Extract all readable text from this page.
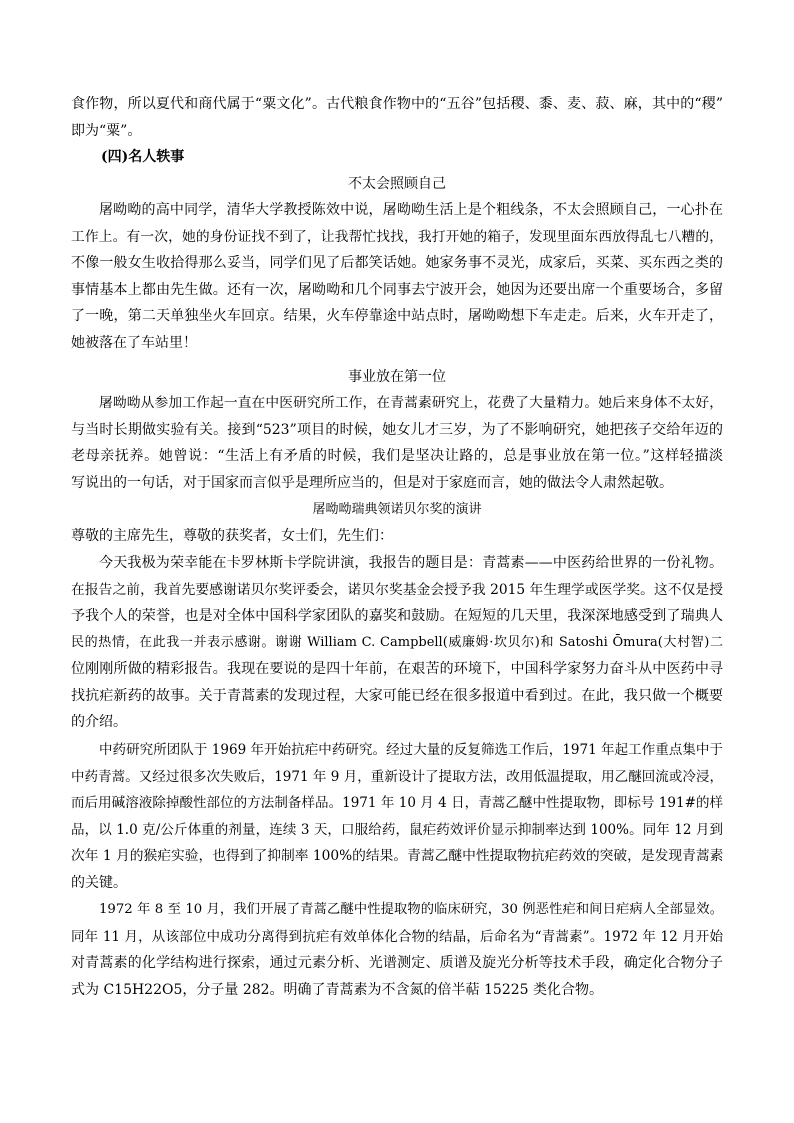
食作物，所以夏代和商代属于“粟文化”。古代粮食作物中的“五谷”包括稷、黍、麦、菽、麻，其中的“稷”
即为“粟”。
(四)名人轶事
不太会照顾自己
屠呦呦的高中同学，清华大学教授陈效中说，屠呦呦生活上是个粗线条，不太会照顾自己，一心扑在
工作上。有一次，她的身份证找不到了，让我帮忙找找，我打开她的箱子，发现里面东西放得乱七八糟的，
不像一般女生收拾得那么妥当，同学们见了后都笑话她。她家务事不灵光，成家后，买菜、买东西之类的
事情基本上都由先生做。还有一次，屠呦呦和几个同事去宁波开会，她因为还要出席一个重要场合，多留
了一晚，第二天单独坐火车回京。结果，火车停靠途中站点时，屠呦呦想下车走走。后来，火车开走了，
她被落在了车站里！
事业放在第一位
屠呦呦从参加工作起一直在中医研究所工作，在青蒿素研究上，花费了大量精力。她后来身体不太好，
与当时长期做实验有关。接到“523”项目的时候，她女儿才三岁，为了不影响研究，她把孩子交给年迈的
老母亲抚养。她曾说：“生活上有矛盾的时候，我们是坚决让路的，总是事业放在第一位。”这样轻描淡
写说出的一句话，对于国家而言似乎是理所应当的，但是对于家庭而言，她的做法令人肃然起敬。
屠呦呦瑞典领诺贝尔奖的演讲
尊敬的主席先生，尊敬的获奖者，女士们，先生们：
今天我极为荣幸能在卡罗林斯卡学院讲演，我报告的题目是：青蒿素——中医药给世界的一份礼物。
在报告之前，我首先要感谢诺贝尔奖评委会，诺贝尔奖基金会授予我 2015 年生理学或医学奖。这不仅是授
予我个人的荣誉，也是对全体中国科学家团队的嘉奖和鼓励。在短短的几天里，我深深地感受到了瑞典人
民的热情，在此我一并表示感谢。谢谢 William C. Campbell(威廉姆·坎贝尔)和 Satoshi Ōmura(大村智)二
位刚刚所做的精彩报告。我现在要说的是四十年前，在艰苦的环境下，中国科学家努力奋斗从中医药中寻
找抗疟新药的故事。关于青蒿素的发现过程，大家可能已经在很多报道中看到过。在此，我只做一个概要
的介绍。
中药研究所团队于 1969 年开始抗疟中药研究。经过大量的反复筛选工作后，1971 年起工作重点集中于
中药青蒿。又经过很多次失败后，1971 年 9 月，重新设计了提取方法，改用低温提取，用乙醚回流或冷浸，
而后用碱溶液除掉酸性部位的方法制备样品。1971 年 10 月 4 日，青蒿乙醚中性提取物，即标号 191#的样
品，以 1.0 克/公斤体重的剂量，连续 3 天，口服给药，鼠疟药效评价显示抑制率达到 100%。同年 12 月到
次年 1 月的猴疟实验，也得到了抑制率 100%的结果。青蒿乙醚中性提取物抗疟药效的突破，是发现青蒿素
的关键。
1972 年 8 至 10 月，我们开展了青蒿乙醚中性提取物的临床研究，30 例恶性疟和间日疟病人全部显效。
同年 11 月，从该部位中成功分离得到抗疟有效单体化合物的结晶，后命名为“青蒿素”。1972 年 12 月开始
对青蒿素的化学结构进行探索，通过元素分析、光谱测定、质谱及旋光分析等技术手段，确定化合物分子
式为 C15H22O5，分子量 282。明确了青蒿素为不含氮的倍半萜 15225 类化合物。
